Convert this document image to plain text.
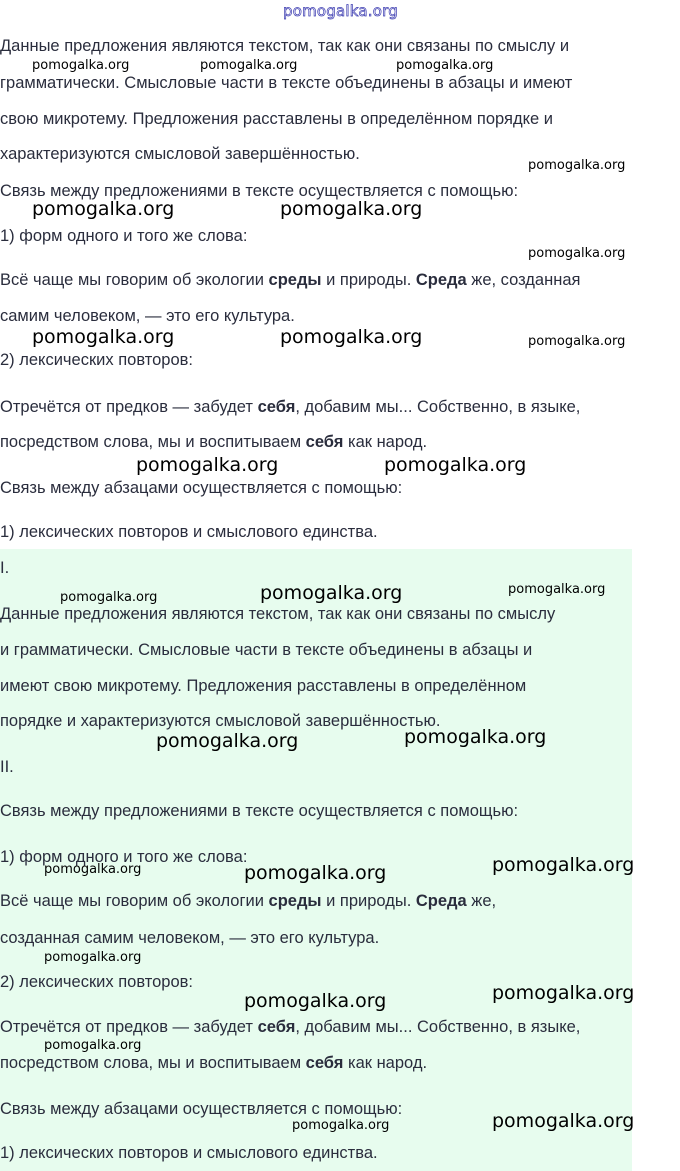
pomogalka.org

Данные предложения являются текстом, так как они связаны по смыслу и

грамматически. Смысловые части в тексте объединены в абзацы и имеют

свою микротему. Предложения расставлены в определённом порядке и

характеризуются смысловой завершённостью.

Связь между предложениями в тексте осуществляется с помощью:

1) форм одного и того же слова:

Всё чаще мы говорим об экологии среды и природы. Среда же, созданная

самим человеком, — это его культура.

2) лексических повторов:

Отречётся от предков — забудет себя, добавим мы... Собственно, в языке,

посредством слова, мы и воспитываем себя как народ.

Связь между абзацами осуществляется с помощью:

1) лексических повторов и смыслового единства.

I.

Данные предложения являются текстом, так как они связаны по смыслу

и грамматически. Смысловые части в тексте объединены в абзацы и

имеют свою микротему. Предложения расставлены в определённом

порядке и характеризуются смысловой завершённостью.

II.

Связь между предложениями в тексте осуществляется с помощью:

1) форм одного и того же слова:

Всё чаще мы говорим об экологии среды и природы. Среда же,

созданная самим человеком, — это его культура.

2) лексических повторов:

Отречётся от предков — забудет себя, добавим мы... Собственно, в языке,

посредством слова, мы и воспитываем себя как народ.

Связь между абзацами осуществляется с помощью:

1) лексических повторов и смыслового единства.

pomogalka.org	pomogalka.org	pomogalka.org
pomogalka.org
pomogalka.org	pomogalka.org
pomogalka.org
pomogalka.org	pomogalka.org	pomogalka.org
pomogalka.org	pomogalka.org
pomogalka.org	pomogalka.org	pomogalka.org
pomogalka.org	pomogalka.org
pomogalka.org
pomogalka.org	pomogalka.org
pomogalka.org
pomogalka.org	pomogalka.org
pomogalka.org
pomogalka.org
pomogalka.org
